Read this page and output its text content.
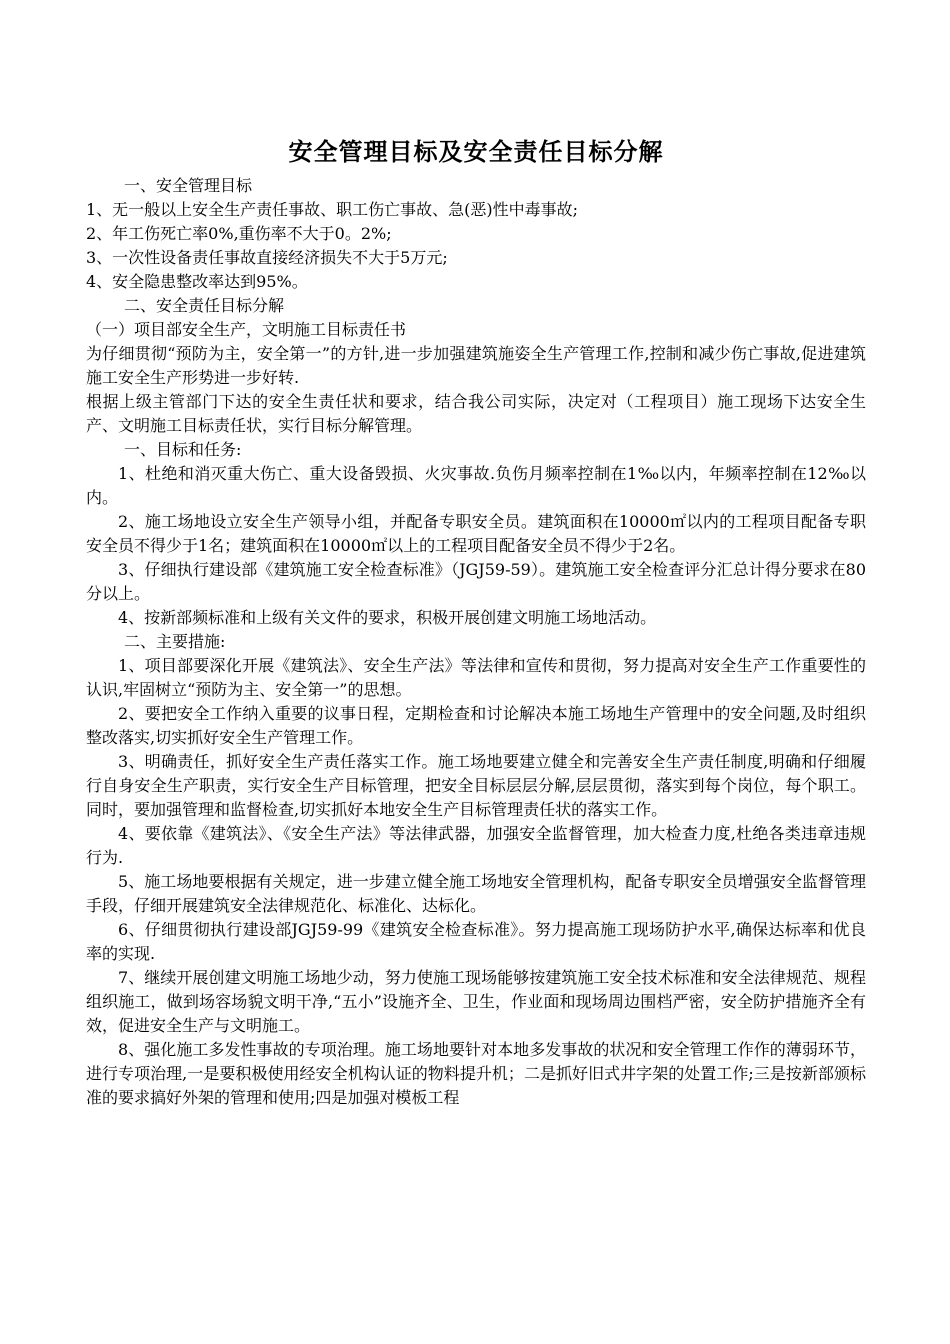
安全管理目标及安全责任目标分解

一、安全管理目标

1、无一般以上安全生产责任事故、职工伤亡事故、急(恶)性中毒事故;

2、年工伤死亡率0%,重伤率不大于0。2%;

3、一次性设备责任事故直接经济损失不大于5万元;

4、安全隐患整改率达到95%。

二、安全责任目标分解

（一）项目部安全生产，文明施工目标责任书

为仔细贯彻“预防为主，安全第一”的方针,进一步加强建筑施姿全生产管理工作,控制和减少伤亡事故,促进建筑施工安全生产形势进一步好转.

根据上级主管部门下达的安全生责任状和要求，结合我公司实际，决定对（工程项目）施工现场下达安全生产、文明施工目标责任状，实行目标分解管理。

一、目标和任务:

1、杜绝和消灭重大伤亡、重大设备毁损、火灾事故.负伤月频率控制在1‰以内，年频率控制在12‰以内。

2、施工场地设立安全生产领导小组，并配备专职安全员。建筑面积在10000㎡以内的工程项目配备专职安全员不得少于1名；建筑面积在10000㎡以上的工程项目配备安全员不得少于2名。

3、仔细执行建设部《建筑施工安全检查标准》（JGJ59-59）。建筑施工安全检查评分汇总计得分要求在80分以上。

4、按新部频标准和上级有关文件的要求，积极开展创建文明施工场地活动。

二、主要措施:

1、项目部要深化开展《建筑法》、安全生产法》等法律和宣传和贯彻，努力提高对安全生产工作重要性的认识,牢固树立“预防为主、安全第一”的思想。

2、要把安全工作纳入重要的议事日程，定期检查和讨论解决本施工场地生产管理中的安全问题,及时组织整改落实,切实抓好安全生产管理工作。

3、明确责任，抓好安全生产责任落实工作。施工场地要建立健全和完善安全生产责任制度,明确和仔细履行自身安全生产职责，实行安全生产目标管理，把安全目标层层分解,层层贯彻，落实到每个岗位，每个职工。同时，要加强管理和监督检查,切实抓好本地安全生产目标管理责任状的落实工作。

4、要依靠《建筑法》、《安全生产法》等法律武器，加强安全监督管理，加大检查力度,杜绝各类违章违规行为.

5、施工场地要根据有关规定，进一步建立健全施工场地安全管理机构，配备专职安全员增强安全监督管理手段，仔细开展建筑安全法律规范化、标准化、达标化。

6、仔细贯彻执行建设部JGJ59-99《建筑安全检查标准》。努力提高施工现场防护水平,确保达标率和优良率的实现.

7、继续开展创建文明施工场地少动，努力使施工现场能够按建筑施工安全技术标准和安全法律规范、规程组织施工，做到场容场貌文明干净,“五小”设施齐全、卫生，作业面和现场周边围档严密，安全防护措施齐全有效，促进安全生产与文明施工。

8、强化施工多发性事故的专项治理。施工场地要针对本地多发事故的状况和安全管理工作作的薄弱环节，进行专项治理,一是要积极使用经安全机构认证的物料提升机；二是抓好旧式井字架的处置工作;三是按新部颁标准的要求搞好外架的管理和使用;四是加强对模板工程
